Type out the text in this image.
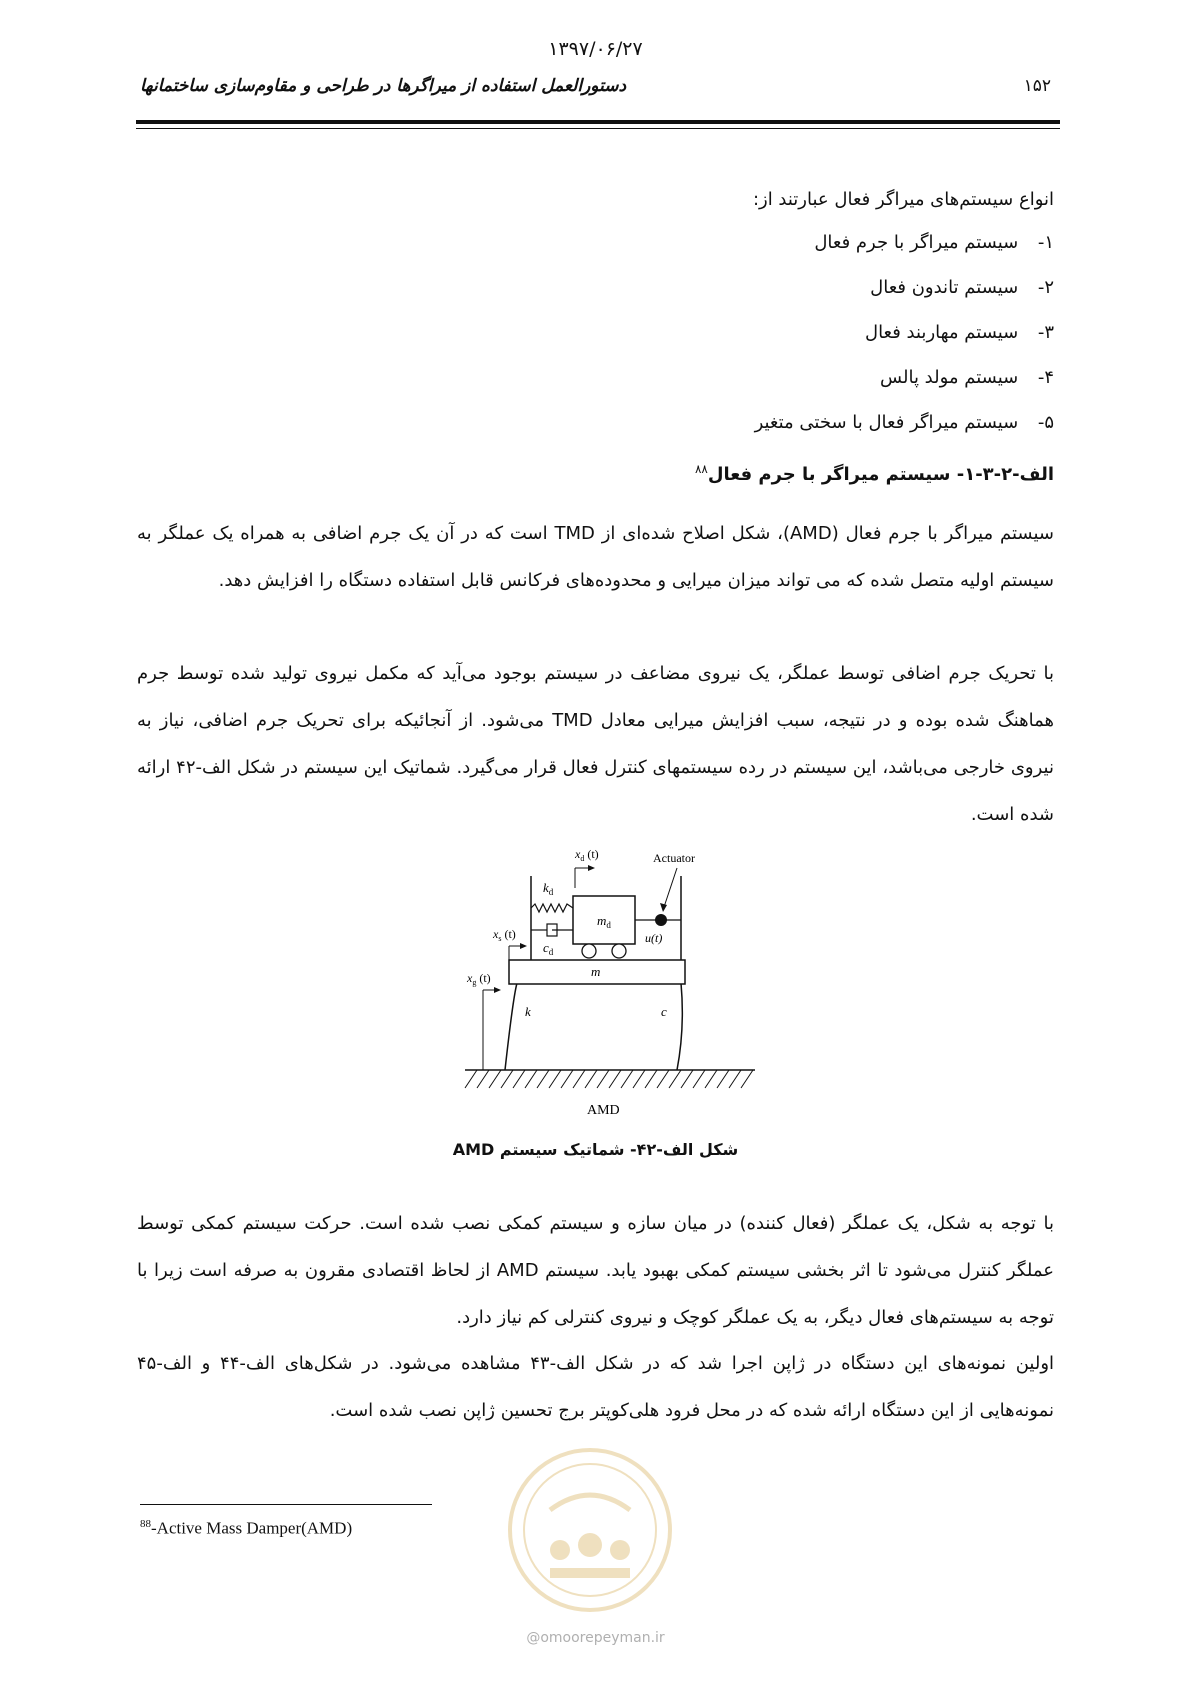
۱۳۹۷/۰۶/۲۷
دستورالعمل استفاده از میراگرها در طراحی و مقاوم‌سازی ساختمانها	۱۵۲
انواع سیستم‌های میراگر فعال عبارتند از:
۱- سیستم میراگر با جرم فعال
۲- سیستم تاندون فعال
۳- سیستم مهاربند فعال
۴- سیستم مولد پالس
۵- سیستم میراگر فعال با سختی متغیر
الف-۲-۳-۱- سیستم میراگر با جرم فعال$^{۸۸}$
سیستم میراگر با جرم فعال (AMD)، شکل اصلاح شده‌ای از TMD است که در آن یک جرم اضافی به همراه یک عملگر به سیستم اولیه متصل شده که می تواند میزان میرایی و محدوده‌های فرکانس قابل استفاده دستگاه را افزایش دهد.
با تحریک جرم اضافی توسط عملگر، یک نیروی مضاعف در سیستم بوجود می‌آید که مکمل نیروی تولید شده توسط جرم هماهنگ شده بوده و در نتیجه، سبب افزایش میرایی معادل TMD می‌شود. از آنجائیکه برای تحریک جرم اضافی، نیاز به نیروی خارجی می‌باشد، این سیستم در رده سیستمهای کنترل فعال قرار می‌گیرد. شماتیک این سیستم در شکل الف-۴۲ ارائه شده است.
m
$m_d$
$k_d$
$c_d$
Actuator
u(t)
$x_d$ (t)
$x_s$ (t)
$x_g$ (t)
k	c
AMD
شکل الف-۴۲- شماتیک سیستم AMD
با توجه به شکل، یک عملگر (فعال کننده) در میان سازه و سیستم کمکی نصب شده است. حرکت سیستم کمکی توسط عملگر کنترل می‌شود تا اثر بخشی سیستم کمکی بهبود یابد. سیستم AMD از لحاظ اقتصادی مقرون به صرفه است زیرا با توجه به سیستم‌های فعال دیگر، به یک عملگر کوچک و نیروی کنترلی کم نیاز دارد.
اولین نمونه‌های این دستگاه در ژاپن اجرا شد که در شکل الف-۴۳ مشاهده می‌شود. در شکل‌های الف-۴۴ و الف-۴۵ نمونه‌هایی از این دستگاه ارائه شده که در محل فرود هلی‌کوپتر برج تحسین ژاپن نصب شده است.
@omoorepeyman.ir
$^{88}$-Active Mass Damper(AMD)
